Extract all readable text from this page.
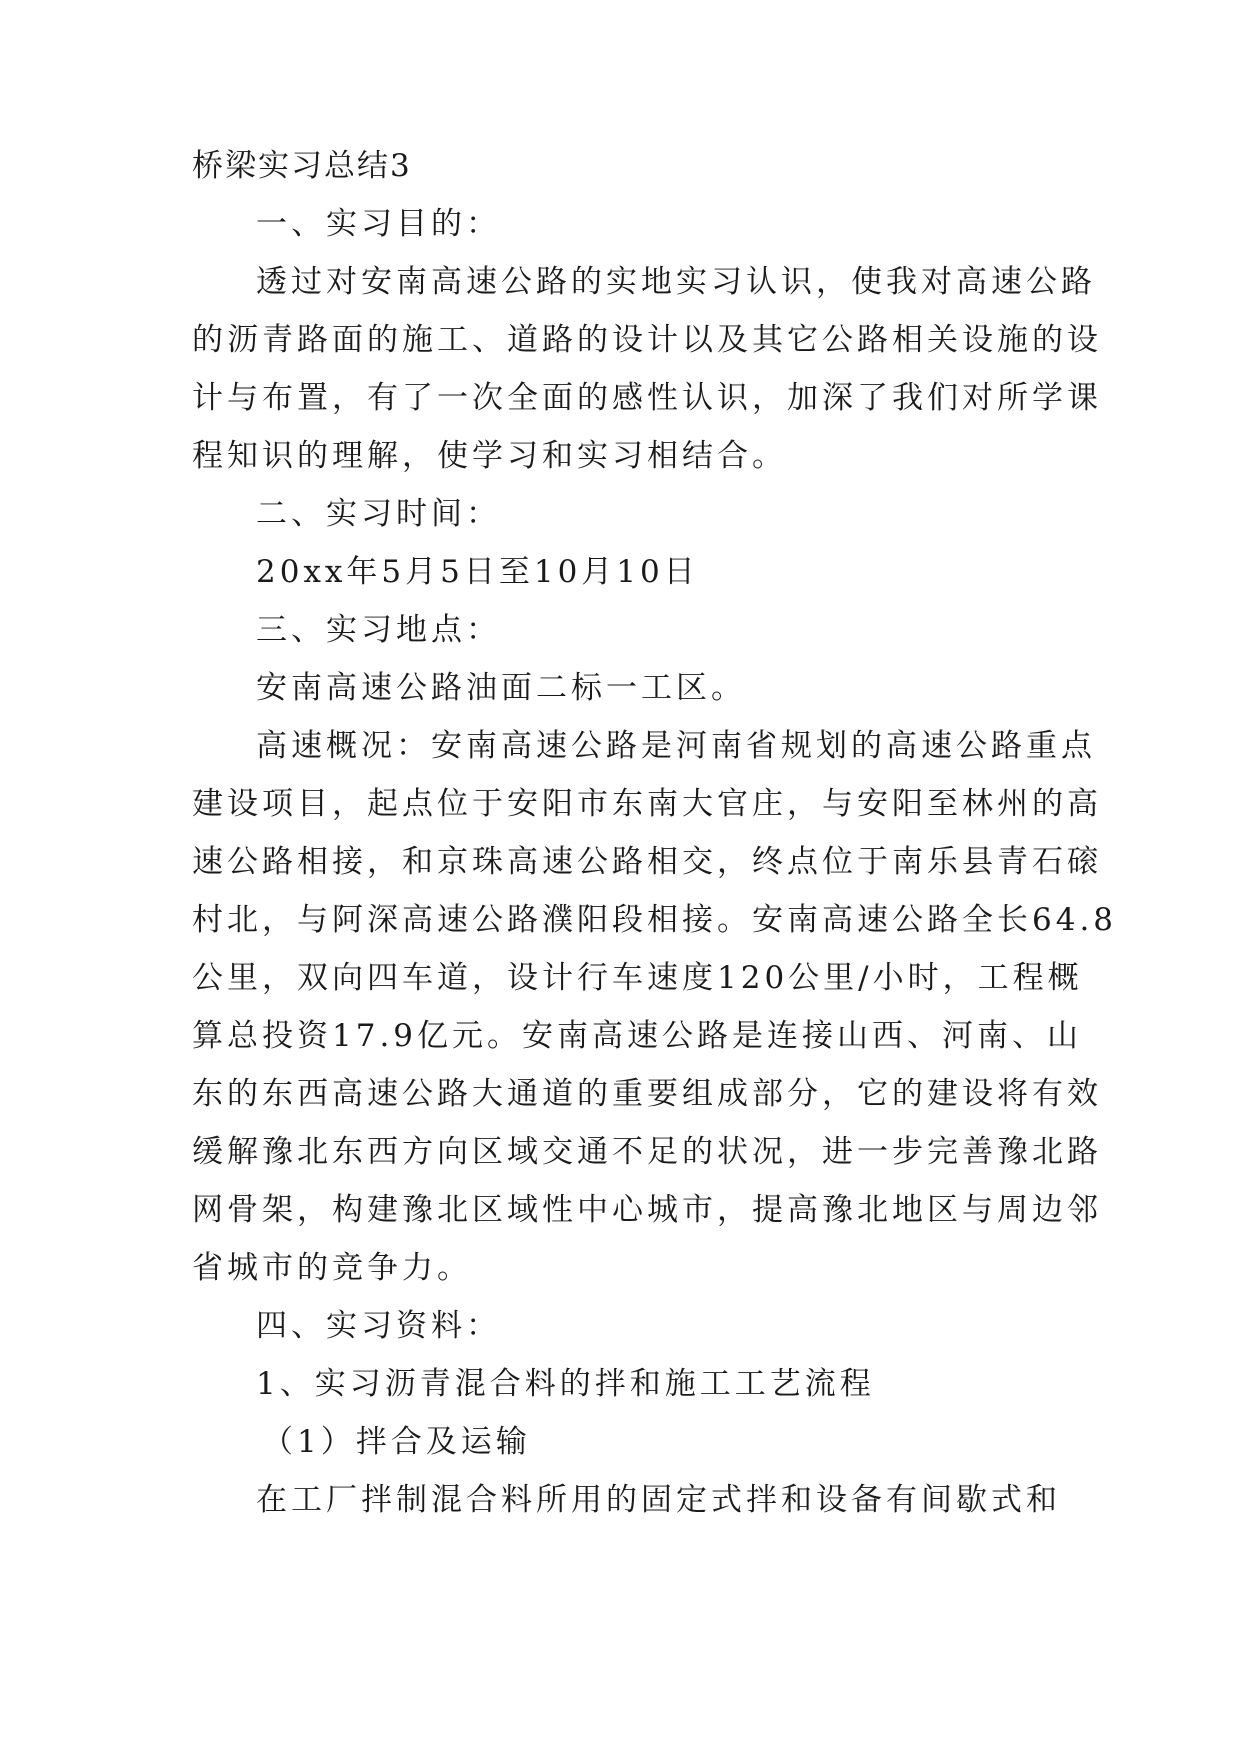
桥梁实习总结3
一、实习目的：
透过对安南高速公路的实地实习认识，使我对高速公路
的沥青路面的施工、道路的设计以及其它公路相关设施的设
计与布置，有了一次全面的感性认识，加深了我们对所学课
程知识的理解，使学习和实习相结合。
二、实习时间：
20xx年5月5日至10月10日
三、实习地点：
安南高速公路油面二标一工区。
高速概况：安南高速公路是河南省规划的高速公路重点
建设项目，起点位于安阳市东南大官庄，与安阳至林州的高
速公路相接，和京珠高速公路相交，终点位于南乐县青石磙
村北，与阿深高速公路濮阳段相接。安南高速公路全长64.8
公里，双向四车道，设计行车速度120公里/小时，工程概
算总投资17.9亿元。安南高速公路是连接山西、河南、山
东的东西高速公路大通道的重要组成部分，它的建设将有效
缓解豫北东西方向区域交通不足的状况，进一步完善豫北路
网骨架，构建豫北区域性中心城市，提高豫北地区与周边邻
省城市的竞争力。
四、实习资料：
1、实习沥青混合料的拌和施工工艺流程
（1）拌合及运输
在工厂拌制混合料所用的固定式拌和设备有间歇式和
